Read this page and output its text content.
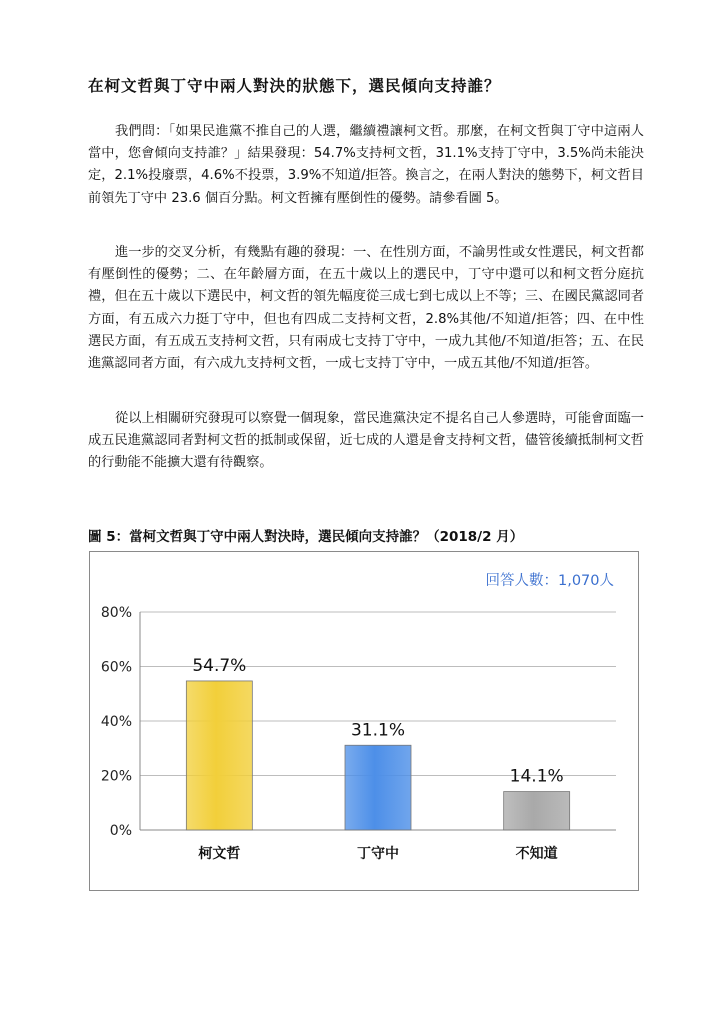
在柯文哲與丁守中兩人對決的狀態下，選民傾向支持誰？

我們問：「如果民進黨不推自己的人選，繼續禮讓柯文哲。那麼，在柯文哲與丁守中這兩人當中，您會傾向支持誰？」結果發現：54.7%支持柯文哲，31.1%支持丁守中，3.5%尚未能決定，2.1%投廢票，4.6%不投票，3.9%不知道/拒答。換言之，在兩人對決的態勢下，柯文哲目前領先丁守中 23.6 個百分點。柯文哲擁有壓倒性的優勢。請參看圖 5。

進一步的交叉分析，有幾點有趣的發現：一、在性別方面，不論男性或女性選民，柯文哲都有壓倒性的優勢；二、在年齡層方面，在五十歲以上的選民中，丁守中還可以和柯文哲分庭抗禮，但在五十歲以下選民中，柯文哲的領先幅度從三成七到七成以上不等；三、在國民黨認同者方面，有五成六力挺丁守中，但也有四成二支持柯文哲，2.8%其他/不知道/拒答；四、在中性選民方面，有五成五支持柯文哲，只有兩成七支持丁守中，一成九其他/不知道/拒答；五、在民進黨認同者方面，有六成九支持柯文哲，一成七支持丁守中，一成五其他/不知道/拒答。

從以上相關研究發現可以察覺一個現象，當民進黨決定不提名自己人參選時，可能會面臨一成五民進黨認同者對柯文哲的抵制或保留，近七成的人還是會支持柯文哲，儘管後續抵制柯文哲的行動能不能擴大還有待觀察。

圖 5：當柯文哲與丁守中兩人對決時，選民傾向支持誰？（2018/2 月）
0%
20%
40%
60%
80%
54.7%
柯文哲
31.1%
丁守中
14.1%
不知道
回答人數：1,070人
